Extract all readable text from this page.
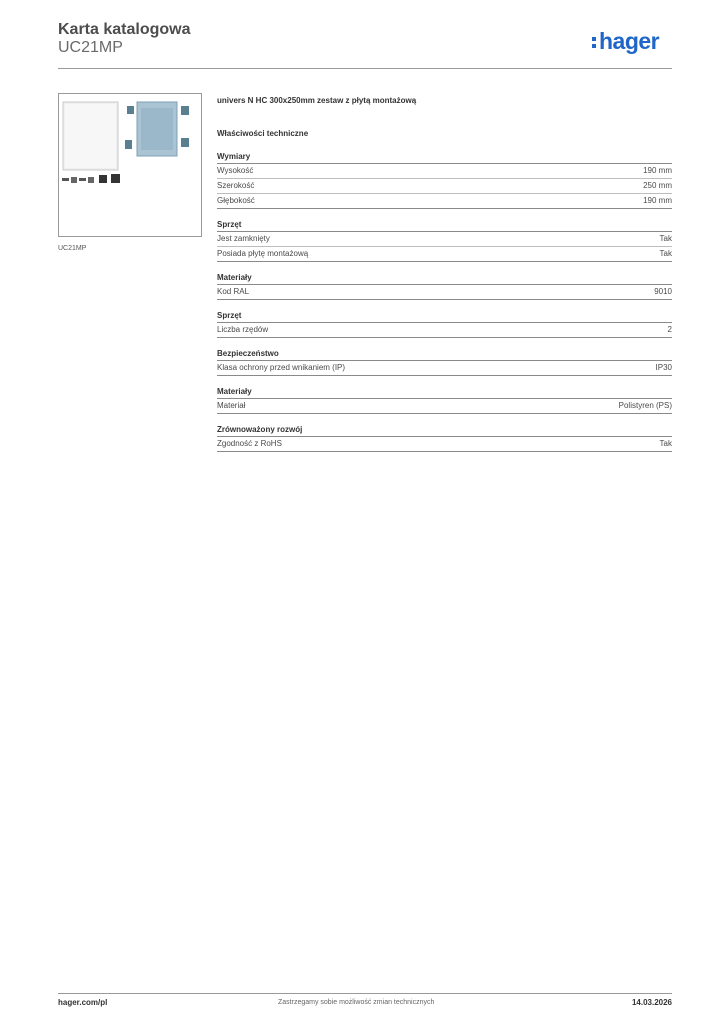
Karta katalogowa
UC21MP	hager
UC21MP
univers N HC 300x250mm zestaw z płytą montażową
Właściwości techniczne
Wymiary
Wysokość	190 mm
Szerokość	250 mm
Głębokość	190 mm
Sprzęt
Jest zamknięty	Tak
Posiada płytę montażową	Tak
Materiały
Kod RAL	9010
Sprzęt
Liczba rzędów	2
Bezpieczeństwo
Klasa ochrony przed wnikaniem (IP)	IP30
Materiały
Materiał	Polistyren (PS)
Zrównoważony rozwój
Zgodność z RoHS	Tak
hager.com/pl	Zastrzegamy sobie możliwość zmian technicznych	14.03.2026
